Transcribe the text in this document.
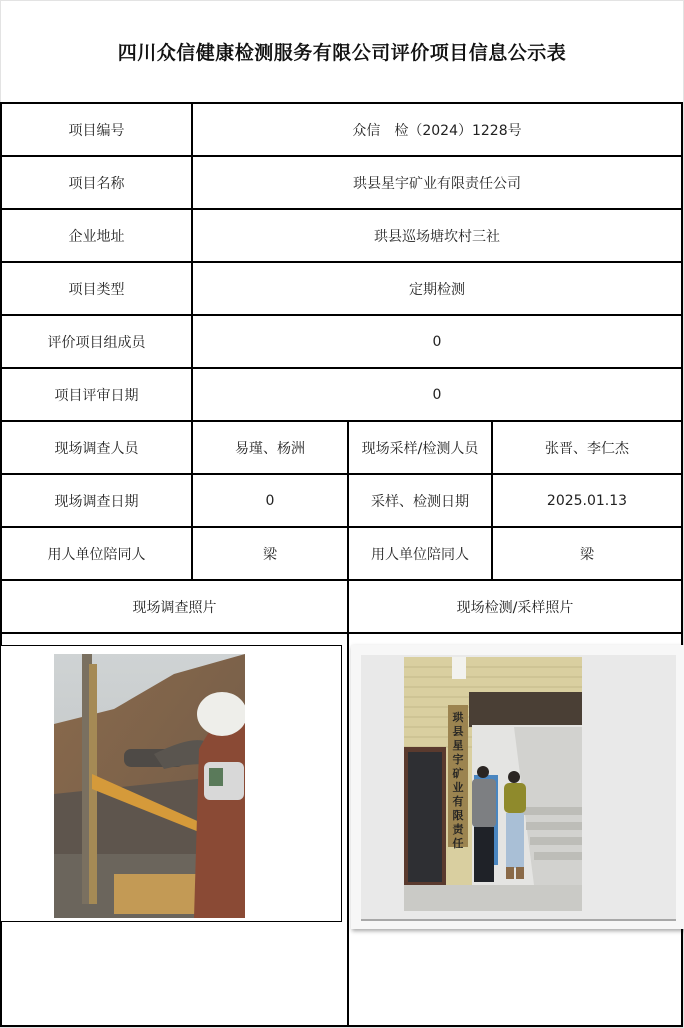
四川众信健康检测服务有限公司评价项目信息公示表
项目编号	众信　检（2024）1228号
项目名称	珙县星宇矿业有限责任公司
企业地址	珙县巡场塘坎村三社
项目类型	定期检测
评价项目组成员	0
项目评审日期	0
现场调查人员	易瑾、杨洲	现场采样/检测人员	张晋、李仁杰
现场调查日期	0	采样、检测日期	2025.01.13
用人单位陪同人	梁	用人单位陪同人	梁
现场调查照片	现场检测/采样照片
珙
县
星
宇
矿
业
有
限
责
任
